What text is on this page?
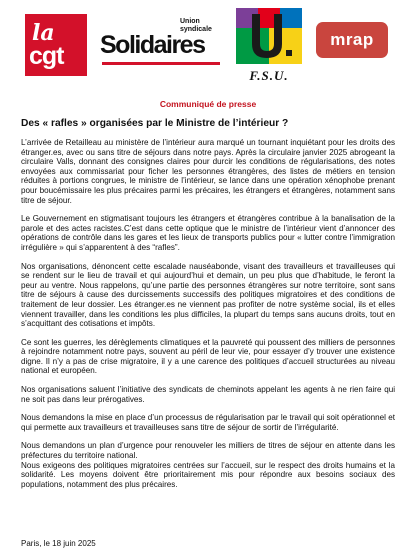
la
cgt
Union
syndicale
Solidaires
F.S.U.
mrap
Communiqué de presse
Des « rafles » organisées par le Ministre de l’intérieur ?

L’arrivée de Retailleau au ministère de l’intérieur aura marqué un tournant inquiétant pour les droits des étranger.es, avec ou sans titre de séjours dans notre pays. Après la circulaire janvier 2025 abrogeant la circulaire Valls, donnant des consignes claires pour durcir les conditions de régularisations, des notes envoyées aux commissariat pour ficher les personnes étrangères, des listes de métiers en tension réduites à portions congrues, le ministre de l’intérieur, se lance dans une opération xénophobe prenant pour boucémissaire les plus précaires parmi les précaires, les étrangers et étrangères, notamment sans titre de séjour.

Le Gouvernement en stigmatisant toujours les étrangers et étrangères contribue à la banalisation de la parole et des actes racistes.C’est dans cette optique que le ministre de l’intérieur vient d’annoncer des opérations de contrôle dans les gares et les lieux de transports publics pour « lutter contre l’immigration irrégulière » qui s’apparentent à des “rafles”.

Nos organisations, dénoncent cette escalade nauséabonde, visant des travailleurs et travailleuses qui se rendent sur le lieu de travail et qui aujourd’hui et demain, un peu plus que d’habitude, le feront la peur au ventre. Nous rappelons, qu’une partie des personnes étrangères sur notre territoire, sont sans titre de séjours à cause des durcissements successifs des politiques migratoires et des conditions de traitement de leur dossier. Les étranger.es ne viennent pas profiter de notre système social, ils et elles viennent travailler, dans les conditions les plus difficiles, la plupart du temps sans aucuns droits, tout en s’acquittant des cotisations et impôts.

Ce sont les guerres, les dérèglements climatiques et la pauvreté qui poussent des milliers de personnes à rejoindre notamment notre pays, souvent au péril de leur vie, pour essayer d’y trouver une existence digne. Il n’y a pas de crise migratoire, il y a une carence des politiques d’accueil structurées au niveau national et européen.

Nos organisations saluent l’initiative des syndicats de cheminots appelant les agents à ne rien faire qui ne soit pas dans leur prérogatives.

Nous demandons la mise en place d’un processus de régularisation par le travail qui soit opérationnel et qui permette aux travailleurs et travailleuses sans titre de séjour de sortir de l’irrégularité.

Nous demandons un plan d’urgence pour renouveler les milliers de titres de séjour en attente dans les préfectures du territoire national.

Nous exigeons des politiques migratoires centrées sur l’accueil, sur le respect des droits humains et la solidarité. Les moyens doivent être prioritairement mis pour répondre aux besoins sociaux des populations, notamment des plus précaires.

Paris, le 18 juin 2025
